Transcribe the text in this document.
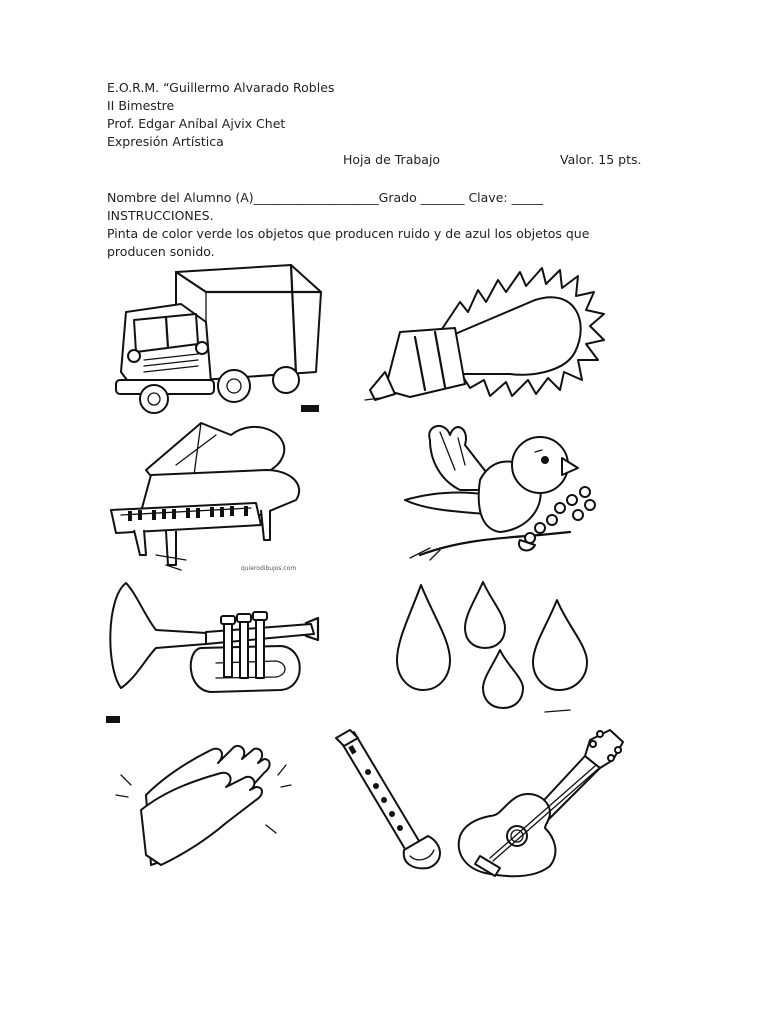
E.O.R.M. “Guillermo Alvarado Robles
II Bimestre
Prof. Edgar Aníbal Ajvix Chet
Expresión Artística
Hoja de Trabajo	Valor. 15 pts.
Nombre del Alumno (A)____________________Grado _______ Clave: _____
INSTRUCCIONES.
Pinta de color verde los objetos que producen ruido y de azul los objetos que
producen sonido.
quierodibujos.com
